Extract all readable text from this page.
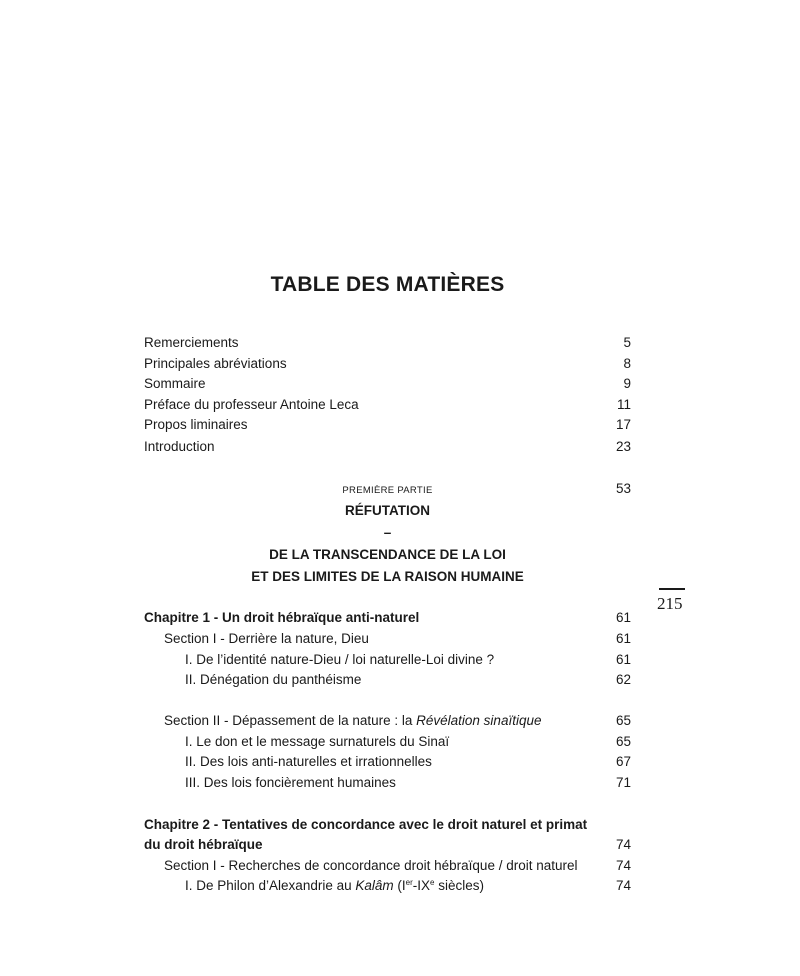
TABLE DES MATIÈRES
Remerciements	5
Principales abréviations	8
Sommaire	9
Préface du professeur Antoine Leca	11
Propos liminaires	17
Introduction	23
PREMIÈRE PARTIE	53
RÉFUTATION
–
DE LA TRANSCENDANCE DE LA LOI
ET DES LIMITES DE LA RAISON HUMAINE
215
Chapitre 1 - Un droit hébraïque anti-naturel	61
Section I - Derrière la nature, Dieu	61
I. De l’identité nature-Dieu / loi naturelle-Loi divine ?	61
II. Dénégation du panthéisme	62
Section II - Dépassement de la nature : la Révélation sinaïtique	65
I. Le don et le message surnaturels du Sinaï	65
II. Des lois anti-naturelles et irrationnelles	67
III. Des lois foncièrement humaines	71
Chapitre 2 - Tentatives de concordance avec le droit naturel et primat
du droit hébraïque	74
Section I - Recherches de concordance droit hébraïque / droit naturel	74
I. De Philon d’Alexandrie au Kalâm (Ier-IXe siècles)	74
